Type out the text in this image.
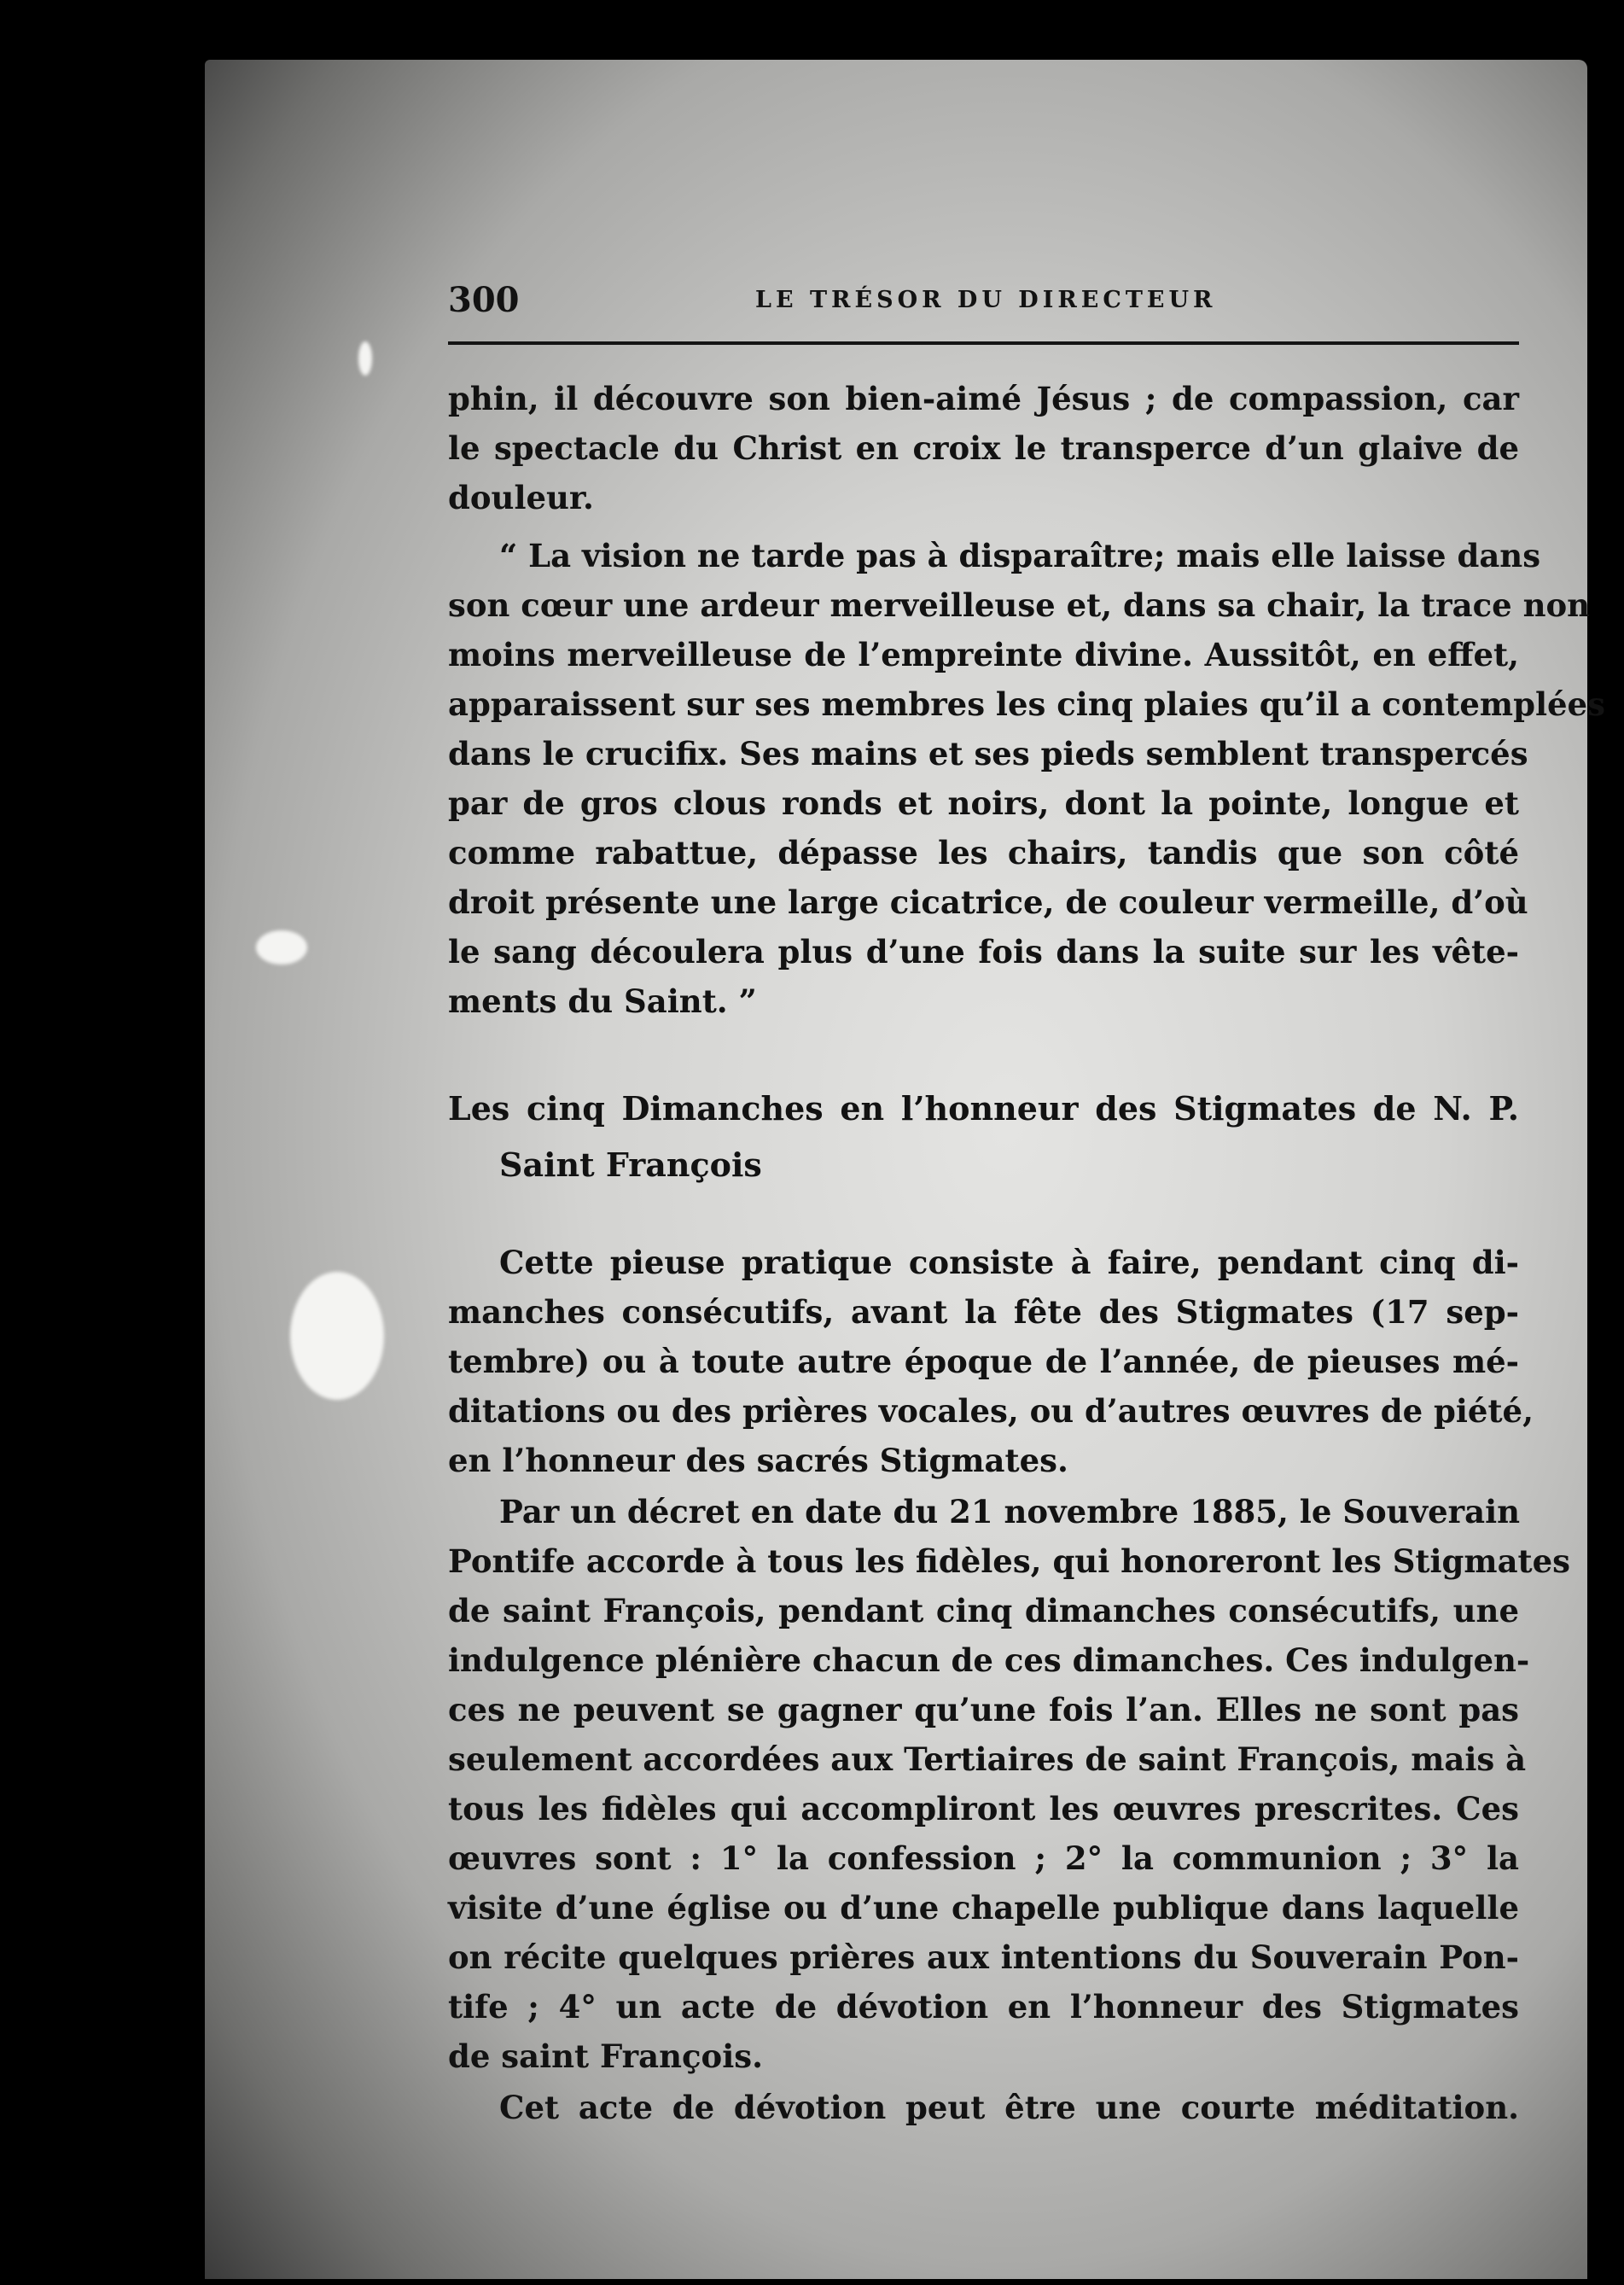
300	LE TRÉSOR DU DIRECTEUR
phin, il découvre son bien-aimé Jésus ; de compassion, car
le spectacle du Christ en croix le transperce d’un glaive de
douleur.
“ La vision ne tarde pas à disparaître; mais elle laisse dans
son cœur une ardeur merveilleuse et, dans sa chair, la trace non
moins merveilleuse de l’empreinte divine. Aussitôt, en effet,
apparaissent sur ses membres les cinq plaies qu’il a contemplées
dans le crucifix. Ses mains et ses pieds semblent transpercés
par de gros clous ronds et noirs, dont la pointe, longue et
comme rabattue, dépasse les chairs, tandis que son côté
droit présente une large cicatrice, de couleur vermeille, d’où
le sang découlera plus d’une fois dans la suite sur les vête-
ments du Saint. ”
Les cinq Dimanches en l’honneur des Stigmates de N. P.
Saint François
Cette pieuse pratique consiste à faire, pendant cinq di-
manches consécutifs, avant la fête des Stigmates (17 sep-
tembre) ou à toute autre époque de l’année, de pieuses mé-
ditations ou des prières vocales, ou d’autres œuvres de piété,
en l’honneur des sacrés Stigmates.
Par un décret en date du 21 novembre 1885, le Souverain
Pontife accorde à tous les fidèles, qui honoreront les Stigmates
de saint François, pendant cinq dimanches consécutifs, une
indulgence plénière chacun de ces dimanches. Ces indulgen-
ces ne peuvent se gagner qu’une fois l’an. Elles ne sont pas
seulement accordées aux Tertiaires de saint François, mais à
tous les fidèles qui accompliront les œuvres prescrites. Ces
œuvres sont : 1° la confession ; 2° la communion ; 3° la
visite d’une église ou d’une chapelle publique dans laquelle
on récite quelques prières aux intentions du Souverain Pon-
tife ; 4° un acte de dévotion en l’honneur des Stigmates
de saint François.
Cet acte de dévotion peut être une courte méditation.
